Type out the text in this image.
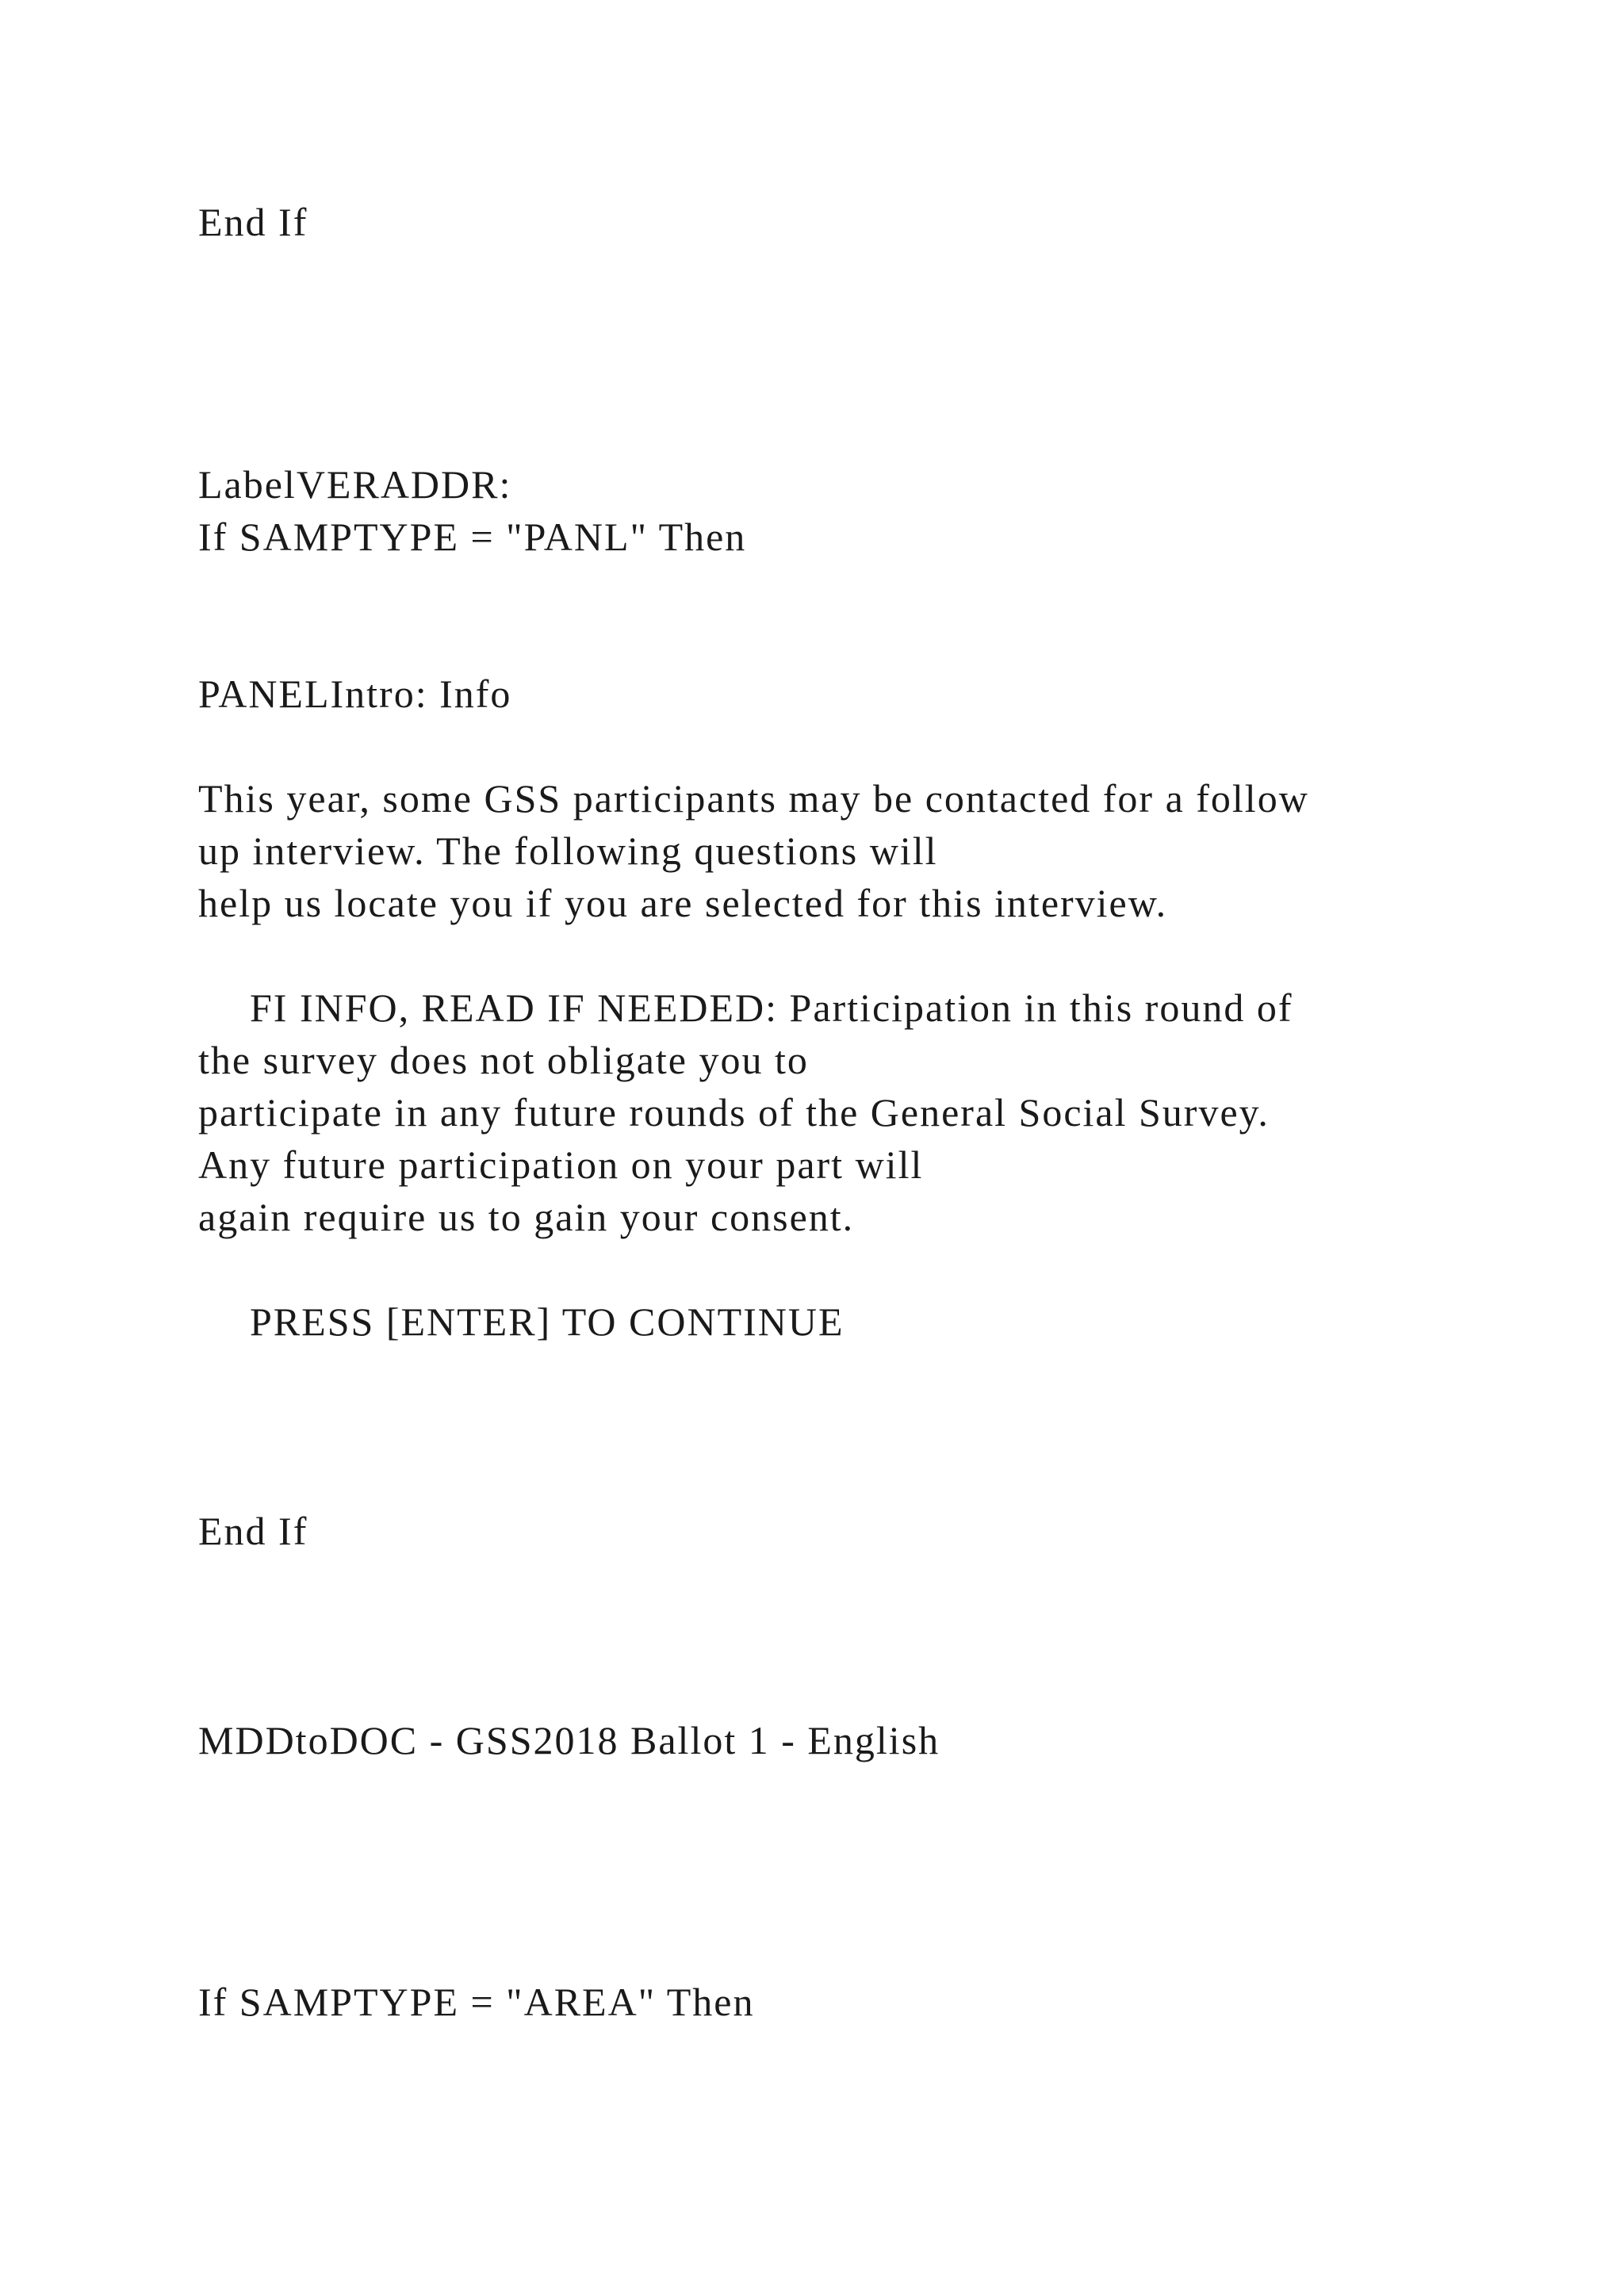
End If

LabelVERADDR:

If SAMPTYPE = "PANL" Then

PANELIntro: Info

This year, some GSS participants may be contacted for a follow

up interview. The following questions will

help us locate you if you are selected for this interview.

FI INFO, READ IF NEEDED: Participation in this round of

the survey does not obligate you to

participate in any future rounds of the General Social Survey.

Any future participation on your part will

again require us to gain your consent.

PRESS [ENTER] TO CONTINUE

End If

MDDtoDOC - GSS2018 Ballot 1 - English

If SAMPTYPE = "AREA" Then
